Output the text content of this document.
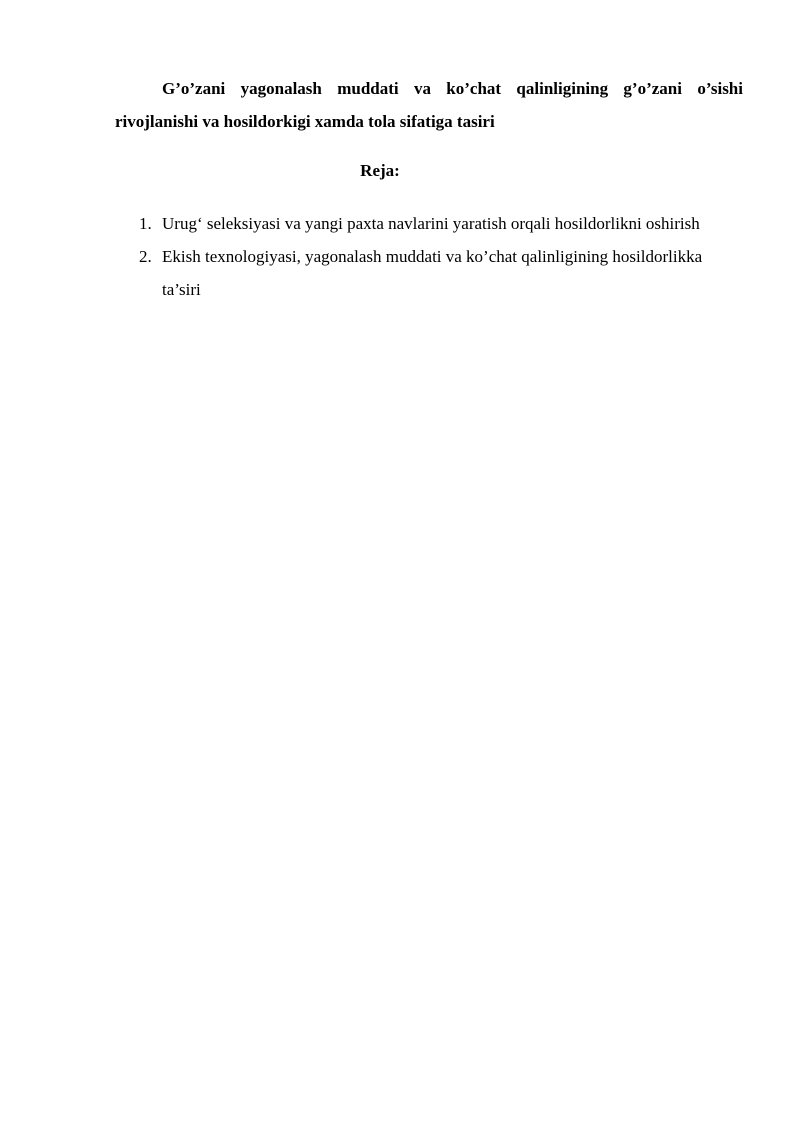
G’o’zani yagonalash muddati va ko’chat qalinligining g’o’zani o’sishi rivojlanishi va hosildorkigi xamda tola sifatiga tasiri

Reja:

1. Urug‘ seleksiyasi va yangi paxta navlarini yaratish orqali hosildorlikni oshirish
2. Ekish texnologiyasi, yagonalash muddati va ko’chat qalinligining hosildorlikka ta’siri
